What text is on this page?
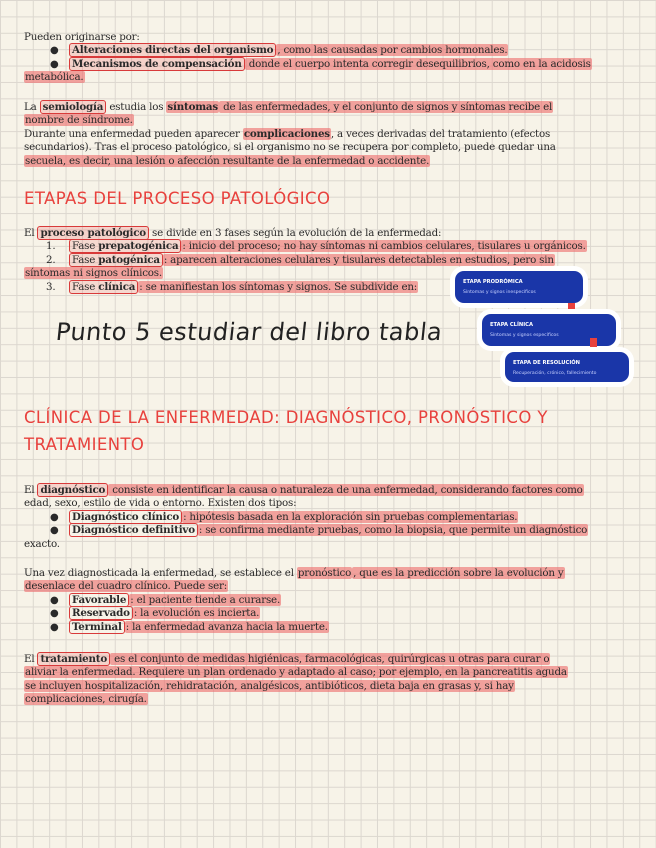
Pueden originarse por:
● Alteraciones directas del organismo , como las causadas por cambios hormonales.
● Mecanismos de compensación donde el cuerpo intenta corregir desequilibrios, como en la acidosis
metabólica.
La semiología estudia los síntomas de las enfermedades, y el conjunto de signos y síntomas recibe el
nombre de síndrome.
Durante una enfermedad pueden aparecer complicaciones, a veces derivadas del tratamiento (efectos
secundarios). Tras el proceso patológico, si el organismo no se recupera por completo, puede quedar una
secuela, es decir, una lesión o afección resultante de la enfermedad o accidente.
ETAPAS DEL PROCESO PATOLÓGICO
El proceso patológico se divide en 3 fases según la evolución de la enfermedad:
1. Fase prepatogénica : inicio del proceso; no hay síntomas ni cambios celulares, tisulares u orgánicos.
2. Fase patogénica : aparecen alteraciones celulares y tisulares detectables en estudios, pero sin
síntomas ni signos clínicos.
3. Fase clínica : se manifiestan los síntomas y signos. Se subdivide en:
Punto 5 estudiar del libro tabla
ETAPA PRODRÓMICA
Síntomas y signos inespecíficos
ETAPA CLÍNICA
Síntomas y signos específicos
ETAPA DE RESOLUCIÓN
Recuperación, crónico, fallecimiento
CLÍNICA DE LA ENFERMEDAD: DIAGNÓSTICO, PRONÓSTICO Y
TRATAMIENTO
El diagnóstico consiste en identificar la causa o naturaleza de una enfermedad, considerando factores como
edad, sexo, estilo de vida o entorno. Existen dos tipos:
● Diagnóstico clínico : hipótesis basada en la exploración sin pruebas complementarias.
● Diagnóstico definitivo : se confirma mediante pruebas, como la biopsia, que permite un diagnóstico
exacto.
Una vez diagnosticada la enfermedad, se establece el pronóstico , que es la predicción sobre la evolución y
desenlace del cuadro clínico. Puede ser:
● Favorable : el paciente tiende a curarse.
● Reservado : la evolución es incierta.
● Terminal : la enfermedad avanza hacia la muerte.
El tratamiento es el conjunto de medidas higiénicas, farmacológicas, quirúrgicas u otras para curar o
aliviar la enfermedad. Requiere un plan ordenado y adaptado al caso; por ejemplo, en la pancreatitis aguda
se incluyen hospitalización, rehidratación, analgésicos, antibióticos, dieta baja en grasas y, si hay
complicaciones, cirugía.
